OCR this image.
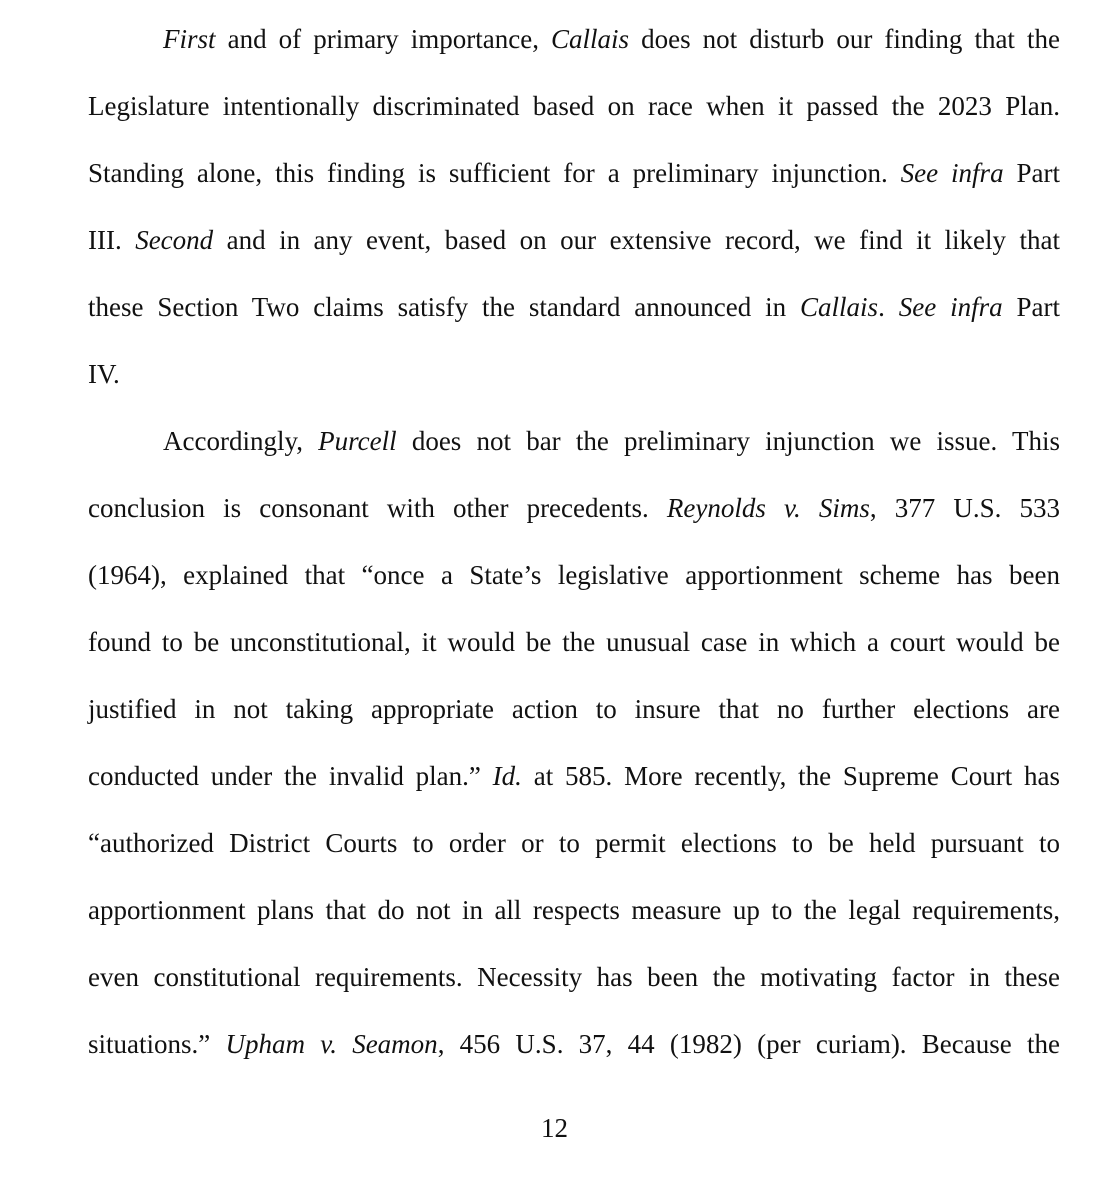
First and of primary importance, Callais does not disturb our finding that the
Legislature intentionally discriminated based on race when it passed the 2023 Plan.
Standing alone, this finding is sufficient for a preliminary injunction. See infra Part
III. Second and in any event, based on our extensive record, we find it likely that
these Section Two claims satisfy the standard announced in Callais. See infra Part
IV.
Accordingly, Purcell does not bar the preliminary injunction we issue. This
conclusion is consonant with other precedents. Reynolds v. Sims, 377 U.S. 533
(1964), explained that “once a State’s legislative apportionment scheme has been
found to be unconstitutional, it would be the unusual case in which a court would be
justified in not taking appropriate action to insure that no further elections are
conducted under the invalid plan.” Id. at 585. More recently, the Supreme Court has
“authorized District Courts to order or to permit elections to be held pursuant to
apportionment plans that do not in all respects measure up to the legal requirements,
even constitutional requirements. Necessity has been the motivating factor in these
situations.” Upham v. Seamon, 456 U.S. 37, 44 (1982) (per curiam). Because the
12
